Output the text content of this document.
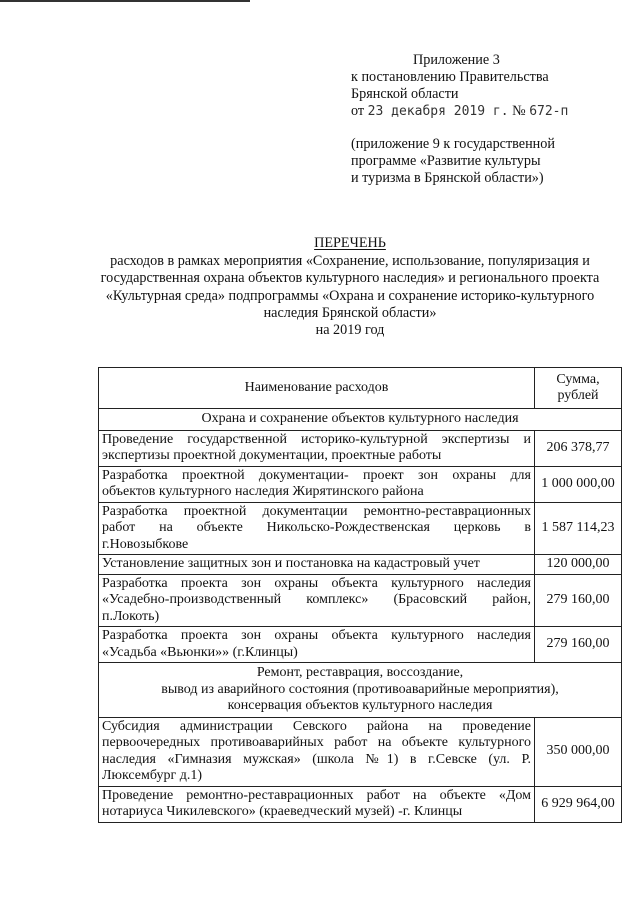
Приложение 3
к постановлению Правительства
Брянской области
от 23 декабря 2019 г. № 672-п
(приложение 9 к государственной
программе «Развитие культуры
и туризма в Брянской области»)
ПЕРЕЧЕНЬ
расходов в рамках мероприятия «Сохранение, использование, популяризация и
государственная охрана объектов культурного наследия» и регионального проекта
«Культурная среда» подпрограммы «Охрана и сохранение историко-культурного
наследия Брянской области»
на 2019 год
Наименование расходов	Сумма,
рублей
Охрана и сохранение объектов культурного наследия	

Проведение государственной историко-культурной экспертизы и
экспертизы проектной документации, проектные работы	206 378,77

Разработка проектной документации- проект зон охраны для
объектов культурного наследия Жирятинского района	1 000 000,00

Разработка проектной документации ремонтно-реставрационных
работ на объекте Никольско-Рождественская церковь в
г.Новозыбкове	1 587 114,23

Установление защитных зон и постановка на кадастровый учет	120 000,00

Разработка проекта зон охраны объекта культурного наследия
«Усадебно-производственный комплекс» (Брасовский район,
п.Локоть)	279 160,00

Разработка проекта зон охраны объекта культурного наследия
«Усадьба «Вьюнки»» (г.Клинцы)	279 160,00
Ремонт, реставрация, воссоздание,
вывод из аварийного состояния (противоаварийные мероприятия),
консервация объектов культурного наследия	

Субсидия администрации Севского района на проведение
первоочередных противоаварийных работ на объекте культурного
наследия «Гимназия мужская» (школа №1) в г.Севске (ул. Р.
Люксембург д.1)	350 000,00

Проведение ремонтно-реставрационных работ на объекте «Дом
нотариуса Чикилевского» (краеведческий музей) -г. Клинцы	6 929 964,00
